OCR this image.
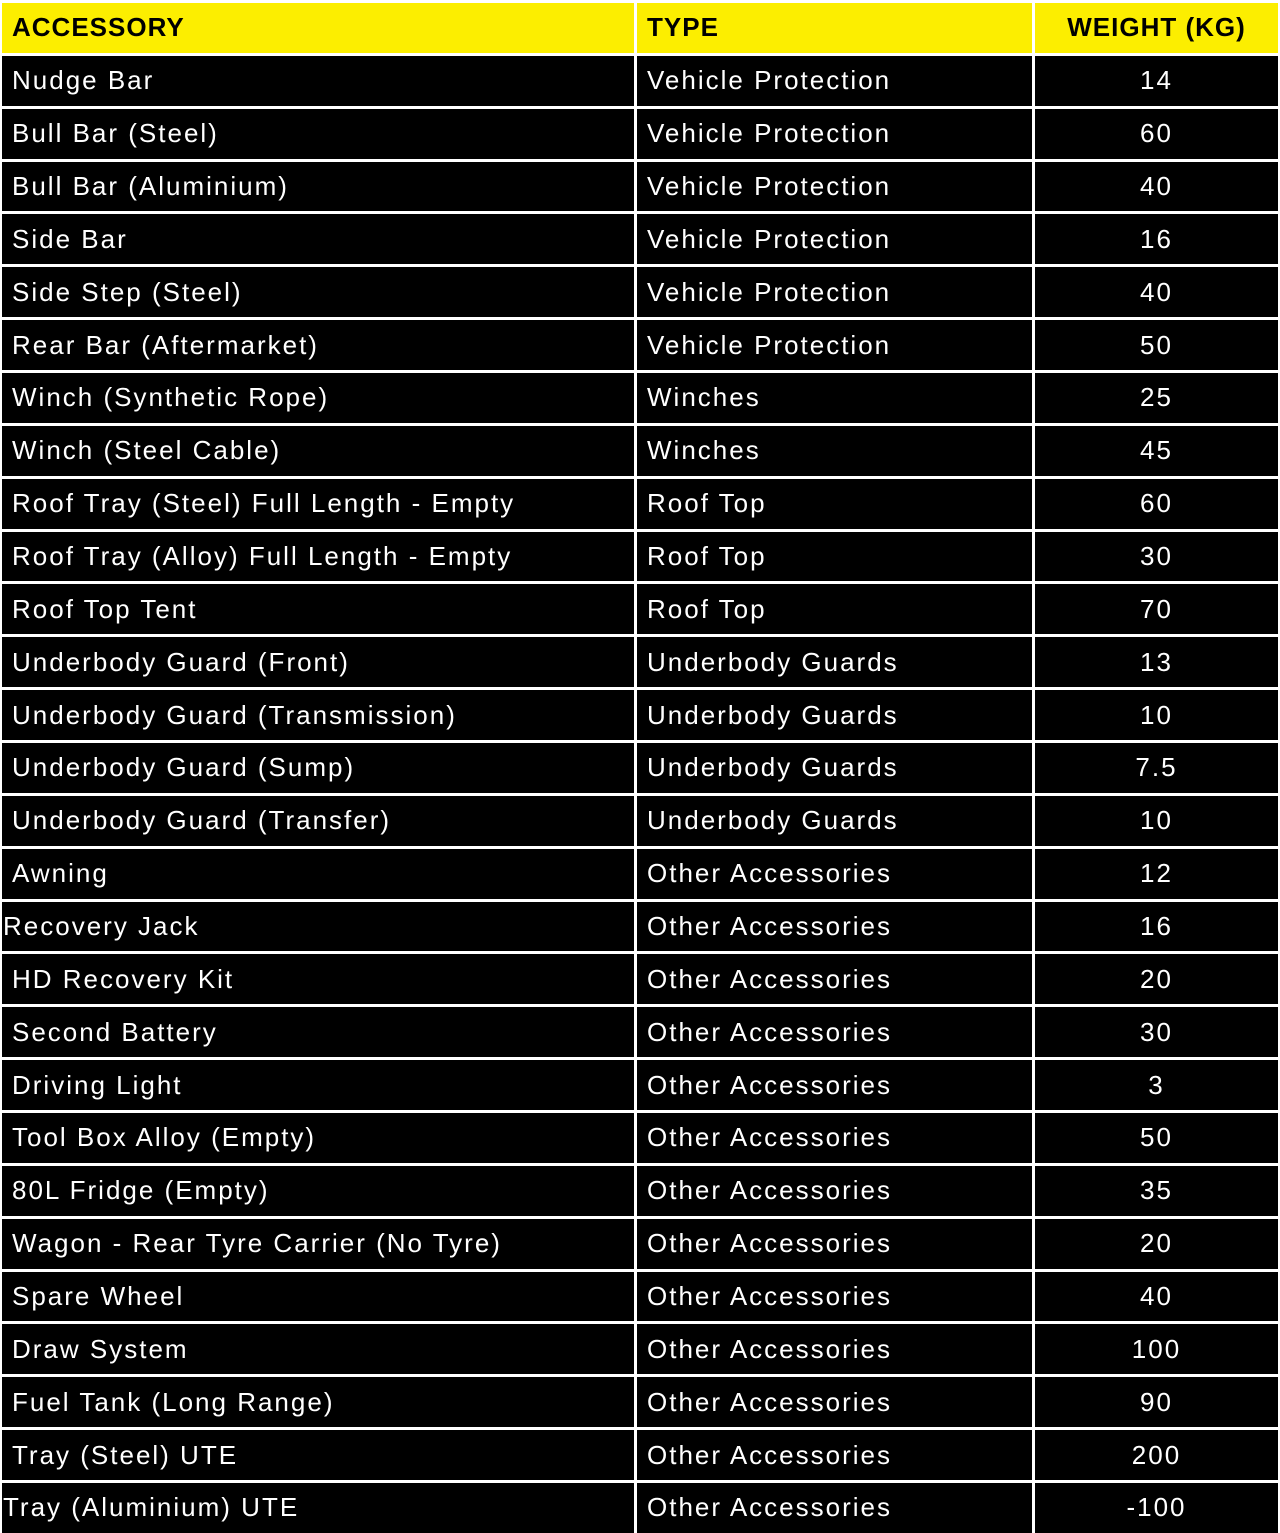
ACCESSORY	TYPE	WEIGHT (KG)
Nudge Bar	Vehicle Protection	14
Bull Bar (Steel)	Vehicle Protection	60
Bull Bar (Aluminium)	Vehicle Protection	40
Side Bar	Vehicle Protection	16
Side Step (Steel)	Vehicle Protection	40
Rear Bar (Aftermarket)	Vehicle Protection	50
Winch (Synthetic Rope)	Winches	25
Winch (Steel Cable)	Winches	45
Roof Tray (Steel) Full Length - Empty	Roof Top	60
Roof Tray (Alloy) Full Length - Empty	Roof Top	30
Roof Top Tent	Roof Top	70
Underbody Guard (Front)	Underbody Guards	13
Underbody Guard (Transmission)	Underbody Guards	10
Underbody Guard (Sump)	Underbody Guards	7.5
Underbody Guard (Transfer)	Underbody Guards	10
Awning	Other Accessories	12
Recovery Jack	Other Accessories	16
HD Recovery Kit	Other Accessories	20
Second Battery	Other Accessories	30
Driving Light	Other Accessories	3
Tool Box Alloy (Empty)	Other Accessories	50
80L Fridge (Empty)	Other Accessories	35
Wagon - Rear Tyre Carrier (No Tyre)	Other Accessories	20
Spare Wheel	Other Accessories	40
Draw System	Other Accessories	100
Fuel Tank (Long Range)	Other Accessories	90
Tray (Steel) UTE	Other Accessories	200
Tray (Aluminium) UTE	Other Accessories	-100
